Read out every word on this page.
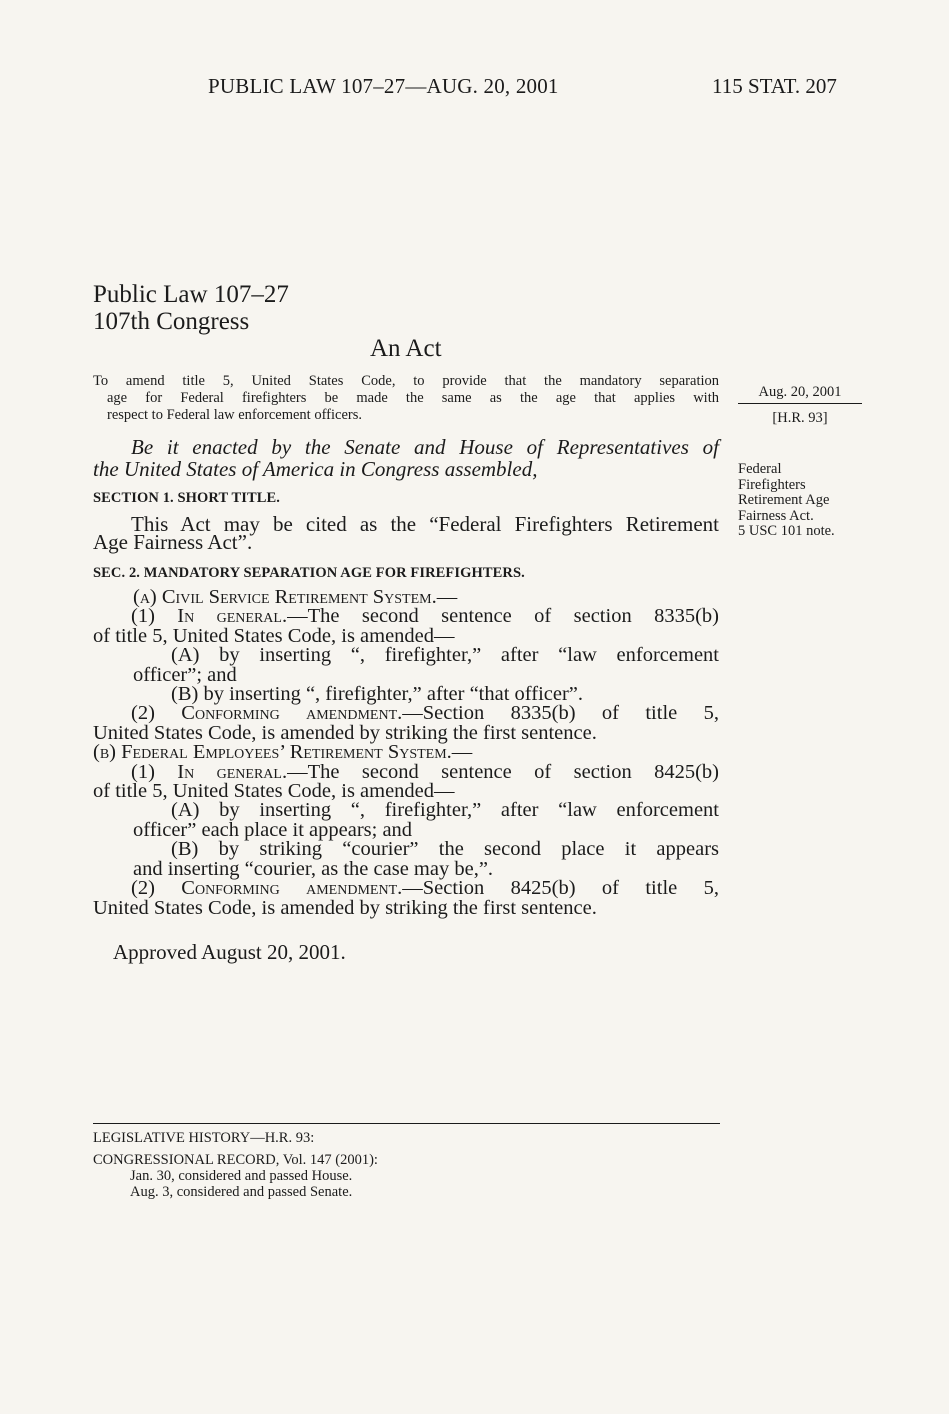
PUBLIC LAW 107–27—AUG. 20, 2001	115 STAT. 207
Public Law 107–27
107th Congress
An Act
To amend title 5, United States Code, to provide that the mandatory separation
age for Federal firefighters be made the same as the age that applies with
respect to Federal law enforcement officers.
Aug. 20, 2001
[H.R. 93]
Be it enacted by the Senate and House of Representatives of
the United States of America in Congress assembled,	Federal
Firefighters
Retirement Age
Fairness Act.
5 USC 101 note.
SECTION 1. SHORT TITLE.
This Act may be cited as the “Federal Firefighters Retirement
Age Fairness Act”.
SEC. 2. MANDATORY SEPARATION AGE FOR FIREFIGHTERS.
(a) Civil Service Retirement System.—
(1) In general.—The second sentence of section 8335(b)
of title 5, United States Code, is amended—
(A) by inserting “, firefighter,” after “law enforcement
officer”; and
(B) by inserting “, firefighter,” after “that officer”.
(2) Conforming amendment.—Section 8335(b) of title 5,
United States Code, is amended by striking the first sentence.
(b) Federal Employees’ Retirement System.—
(1) In general.—The second sentence of section 8425(b)
of title 5, United States Code, is amended—
(A) by inserting “, firefighter,” after “law enforcement
officer” each place it appears; and
(B) by striking “courier” the second place it appears
and inserting “courier, as the case may be,”.
(2) Conforming amendment.—Section 8425(b) of title 5,
United States Code, is amended by striking the first sentence.
Approved August 20, 2001.
LEGISLATIVE HISTORY—H.R. 93:
CONGRESSIONAL RECORD, Vol. 147 (2001):
Jan. 30, considered and passed House.
Aug. 3, considered and passed Senate.
